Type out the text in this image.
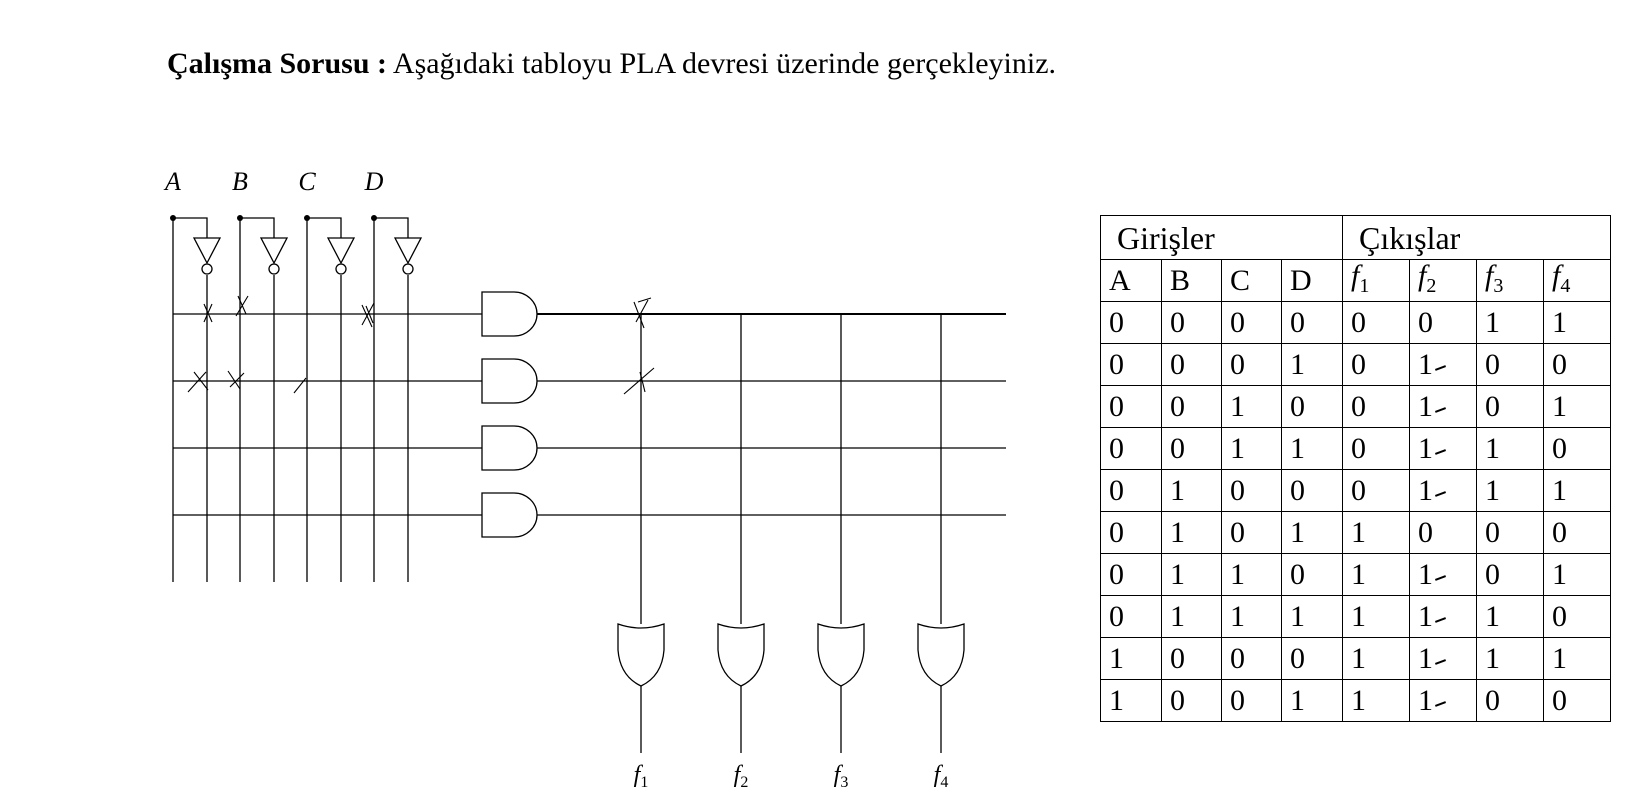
Çalışma Sorusu : Aşağıdaki tabloyu PLA devresi üzerinde gerçekleyiniz.
A B C D
$f_1$	$f_2$	$f_3$	$f_4$
Girişler				Çıkışlar			
A	B	C	D	$f_1$	$f_2$	$f_3$	$f_4$
0	0	0	0	0	0	1	1
0	0	0	1	0	1	0	0
0	0	1	0	0	1	0	1
0	0	1	1	0	1	1	0
0	1	0	0	0	1	1	1
0	1	0	1	1	0	0	0
0	1	1	0	1	1	0	1
0	1	1	1	1	1	1	0
1	0	0	0	1	1	1	1
1	0	0	1	1	1	0	0
